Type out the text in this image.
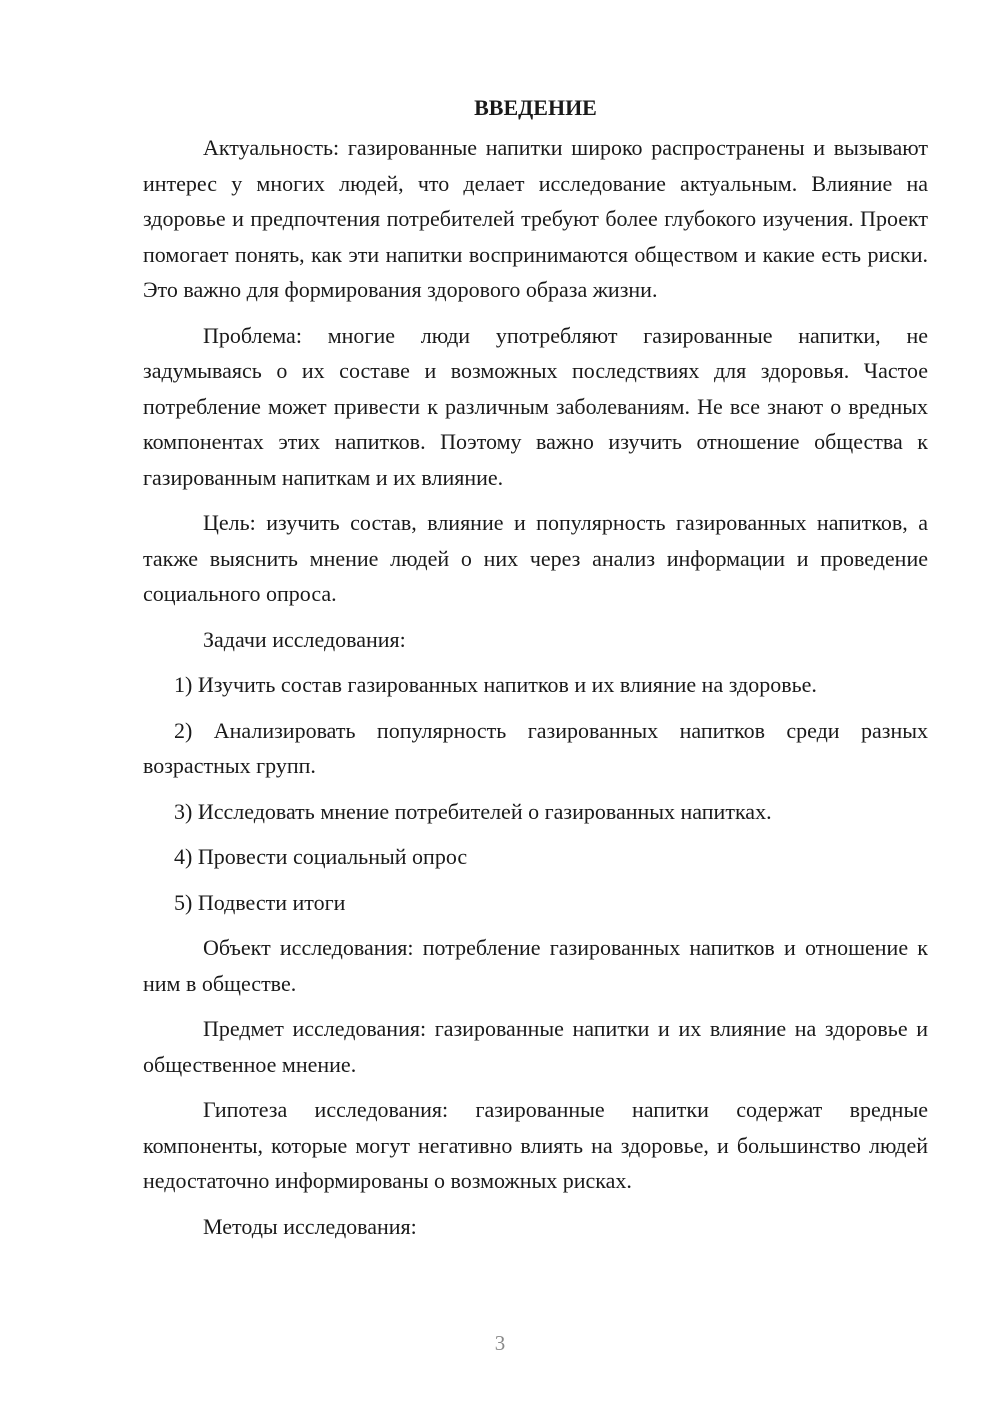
ВВЕДЕНИЕ

Актуальность: газированные напитки широко распространены и вызывают интерес у многих людей, что делает исследование актуальным. Влияние на здоровье и предпочтения потребителей требуют более глубокого изучения. Проект помогает понять, как эти напитки воспринимаются обществом и какие есть риски. Это важно для формирования здорового образа жизни.

Проблема: многие люди употребляют газированные напитки, не задумываясь о их составе и возможных последствиях для здоровья. Частое потребление может привести к различным заболеваниям. Не все знают о вредных компонентах этих напитков. Поэтому важно изучить отношение общества к газированным напиткам и их влияние.

Цель: изучить состав, влияние и популярность газированных напитков, а также выяснить мнение людей о них через анализ информации и проведение социального опроса.

Задачи исследования:

1) Изучить состав газированных напитков и их влияние на здоровье.

2) Анализировать популярность газированных напитков среди разных возрастных групп.

3) Исследовать мнение потребителей о газированных напитках.

4) Провести социальный опрос

5) Подвести итоги

Объект исследования: потребление газированных напитков и отношение к ним в обществе.

Предмет исследования: газированные напитки и их влияние на здоровье и общественное мнение.

Гипотеза исследования: газированные напитки содержат вредные компоненты, которые могут негативно влиять на здоровье, и большинство людей недостаточно информированы о возможных рисках.

Методы исследования:

3
